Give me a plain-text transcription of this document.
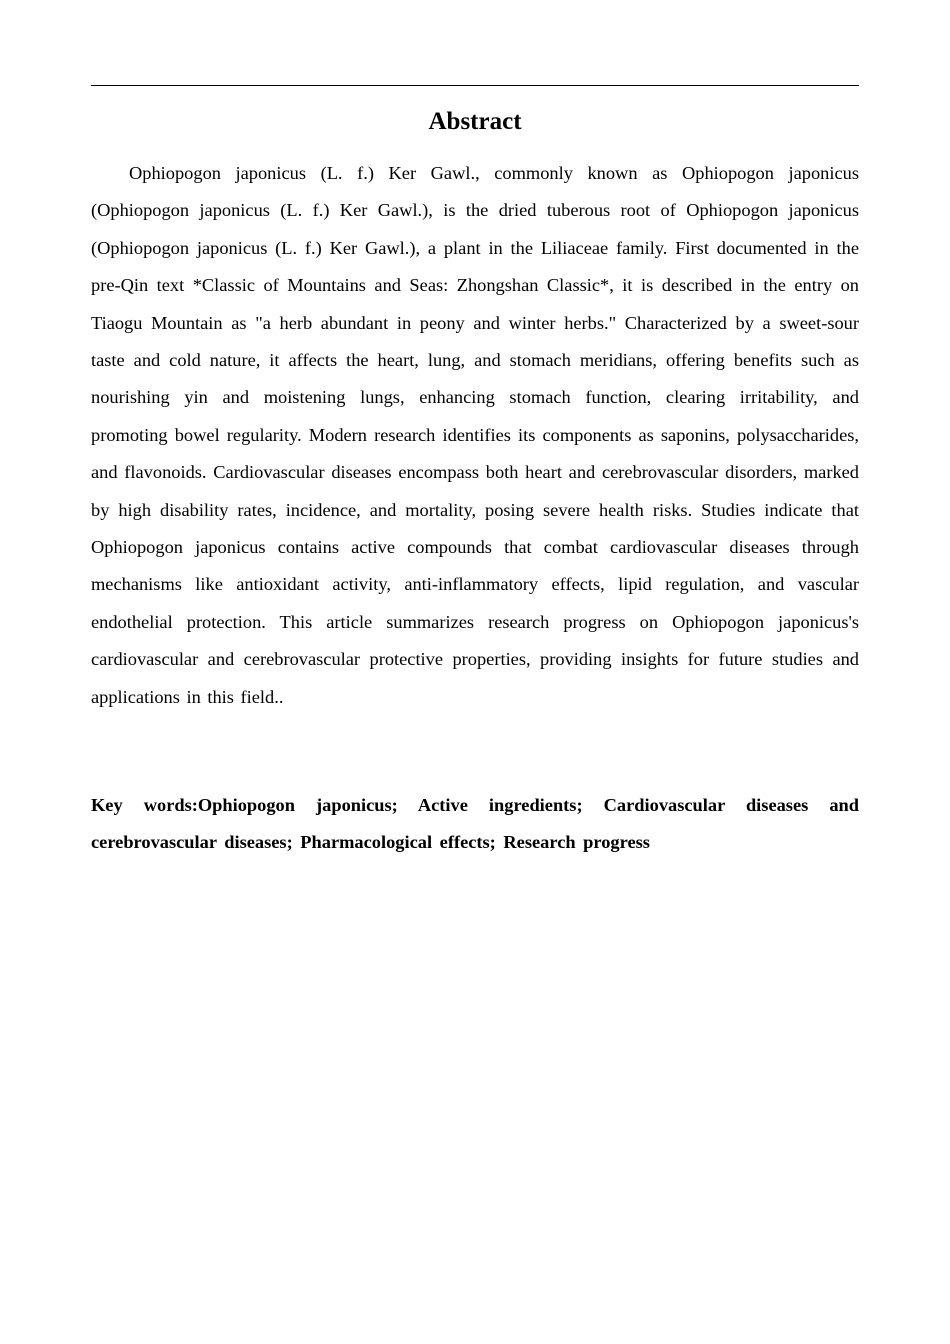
Abstract

Ophiopogon japonicus (L. f.) Ker Gawl., commonly known as Ophiopogon japonicus (Ophiopogon japonicus (L. f.) Ker Gawl.), is the dried tuberous root of Ophiopogon japonicus (Ophiopogon japonicus (L. f.) Ker Gawl.), a plant in the Liliaceae family. First documented in the pre-Qin text *Classic of Mountains and Seas: Zhongshan Classic*, it is described in the entry on Tiaogu Mountain as "a herb abundant in peony and winter herbs." Characterized by a sweet-sour taste and cold nature, it affects the heart, lung, and stomach meridians, offering benefits such as nourishing yin and moistening lungs, enhancing stomach function, clearing irritability, and promoting bowel regularity. Modern research identifies its components as saponins, polysaccharides, and flavonoids. Cardiovascular diseases encompass both heart and cerebrovascular disorders, marked by high disability rates, incidence, and mortality, posing severe health risks. Studies indicate that Ophiopogon japonicus contains active compounds that combat cardiovascular diseases through mechanisms like antioxidant activity, anti-inflammatory effects, lipid regulation, and vascular endothelial protection. This article summarizes research progress on Ophiopogon japonicus's cardiovascular and cerebrovascular protective properties, providing insights for future studies and applications in this field..

Key words:Ophiopogon japonicus; Active ingredients; Cardiovascular diseases and cerebrovascular diseases; Pharmacological effects; Research progress
